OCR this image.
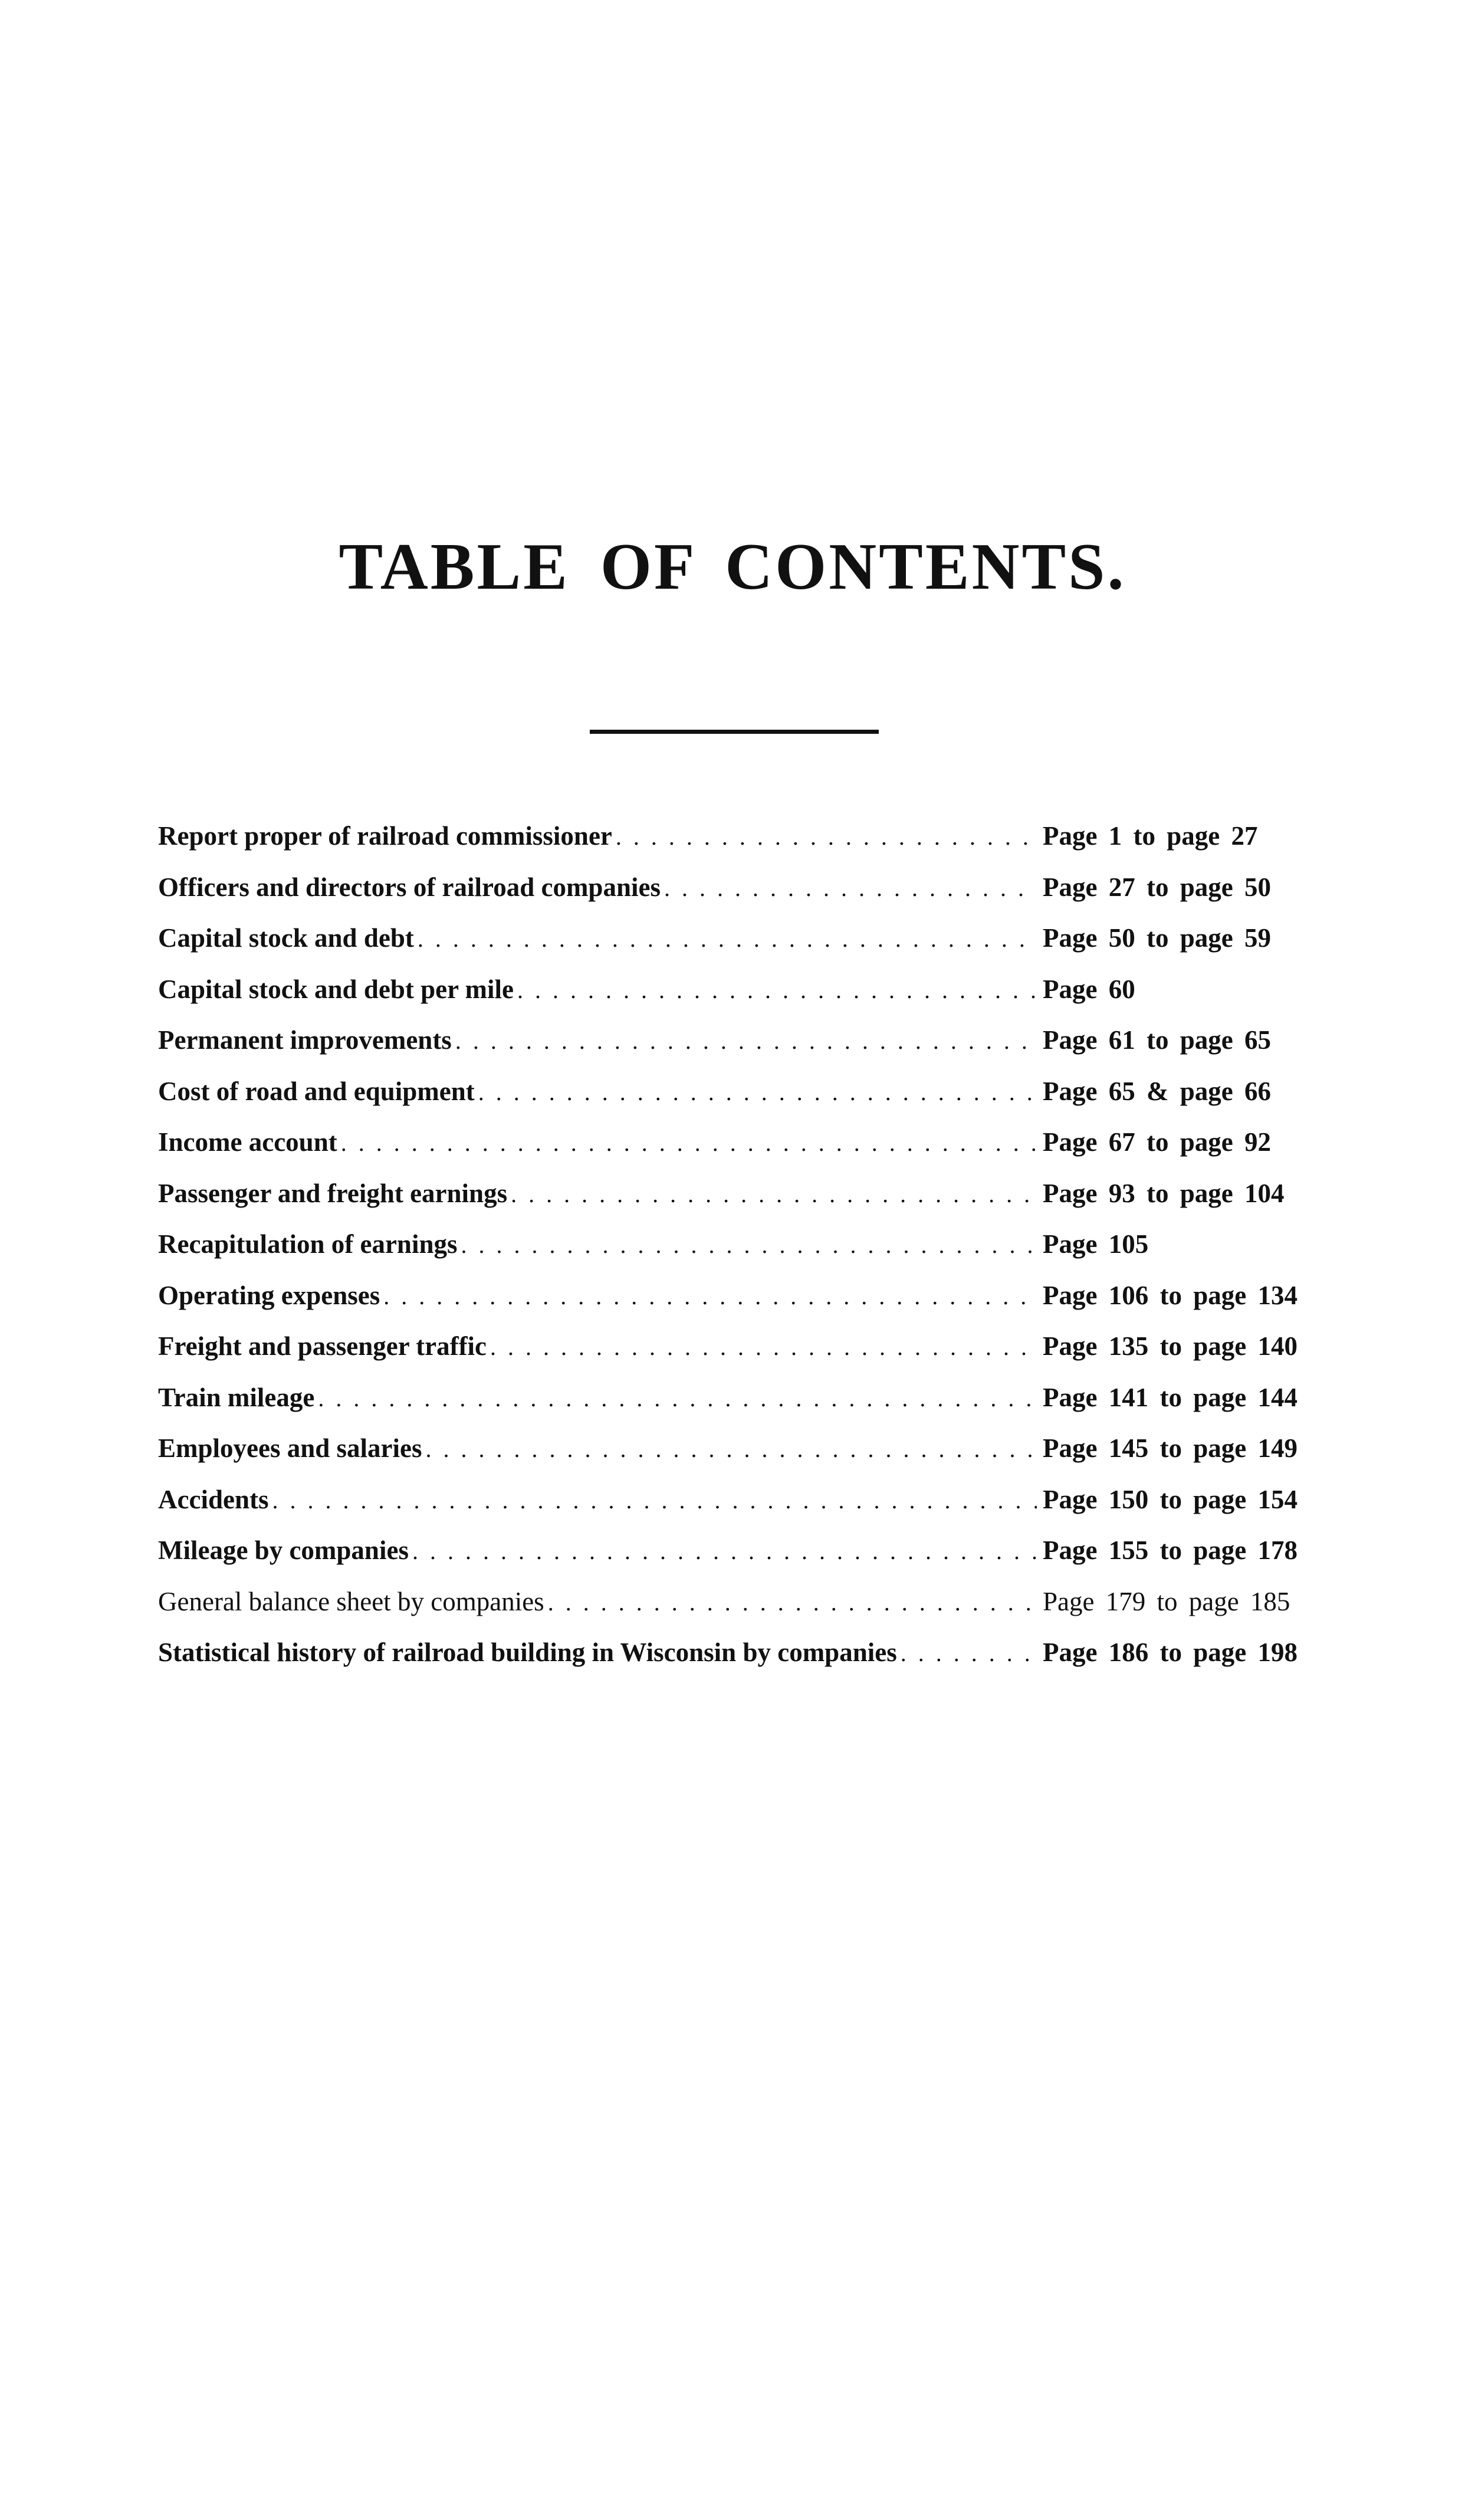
TABLE OF CONTENTS.
Report proper of railroad commissioner . . .	Page 1 to page 27
Officers and directors of railroad companies . . .	Page 27 to page 50
Capital stock and debt . . .	Page 50 to page 59
Capital stock and debt per mile . . .	Page 60
Permanent improvements . . .	Page 61 to page 65
Cost of road and equipment . . .	Page 65 & page 66
Income account . . .	Page 67 to page 92
Passenger and freight earnings . . .	Page 93 to page 104
Recapitulation of earnings . . .	Page 105
Operating expenses . . .	Page 106 to page 134
Freight and passenger traffic . . .	Page 135 to page 140
Train mileage . . .	Page 141 to page 144
Employees and salaries . . .	Page 145 to page 149
Accidents . . .	Page 150 to page 154
Mileage by companies . . .	Page 155 to page 178
General balance sheet by companies . . .	Page 179 to page 185
Statistical history of railroad building in Wisconsin by companies . . .	Page 186 to page 198
